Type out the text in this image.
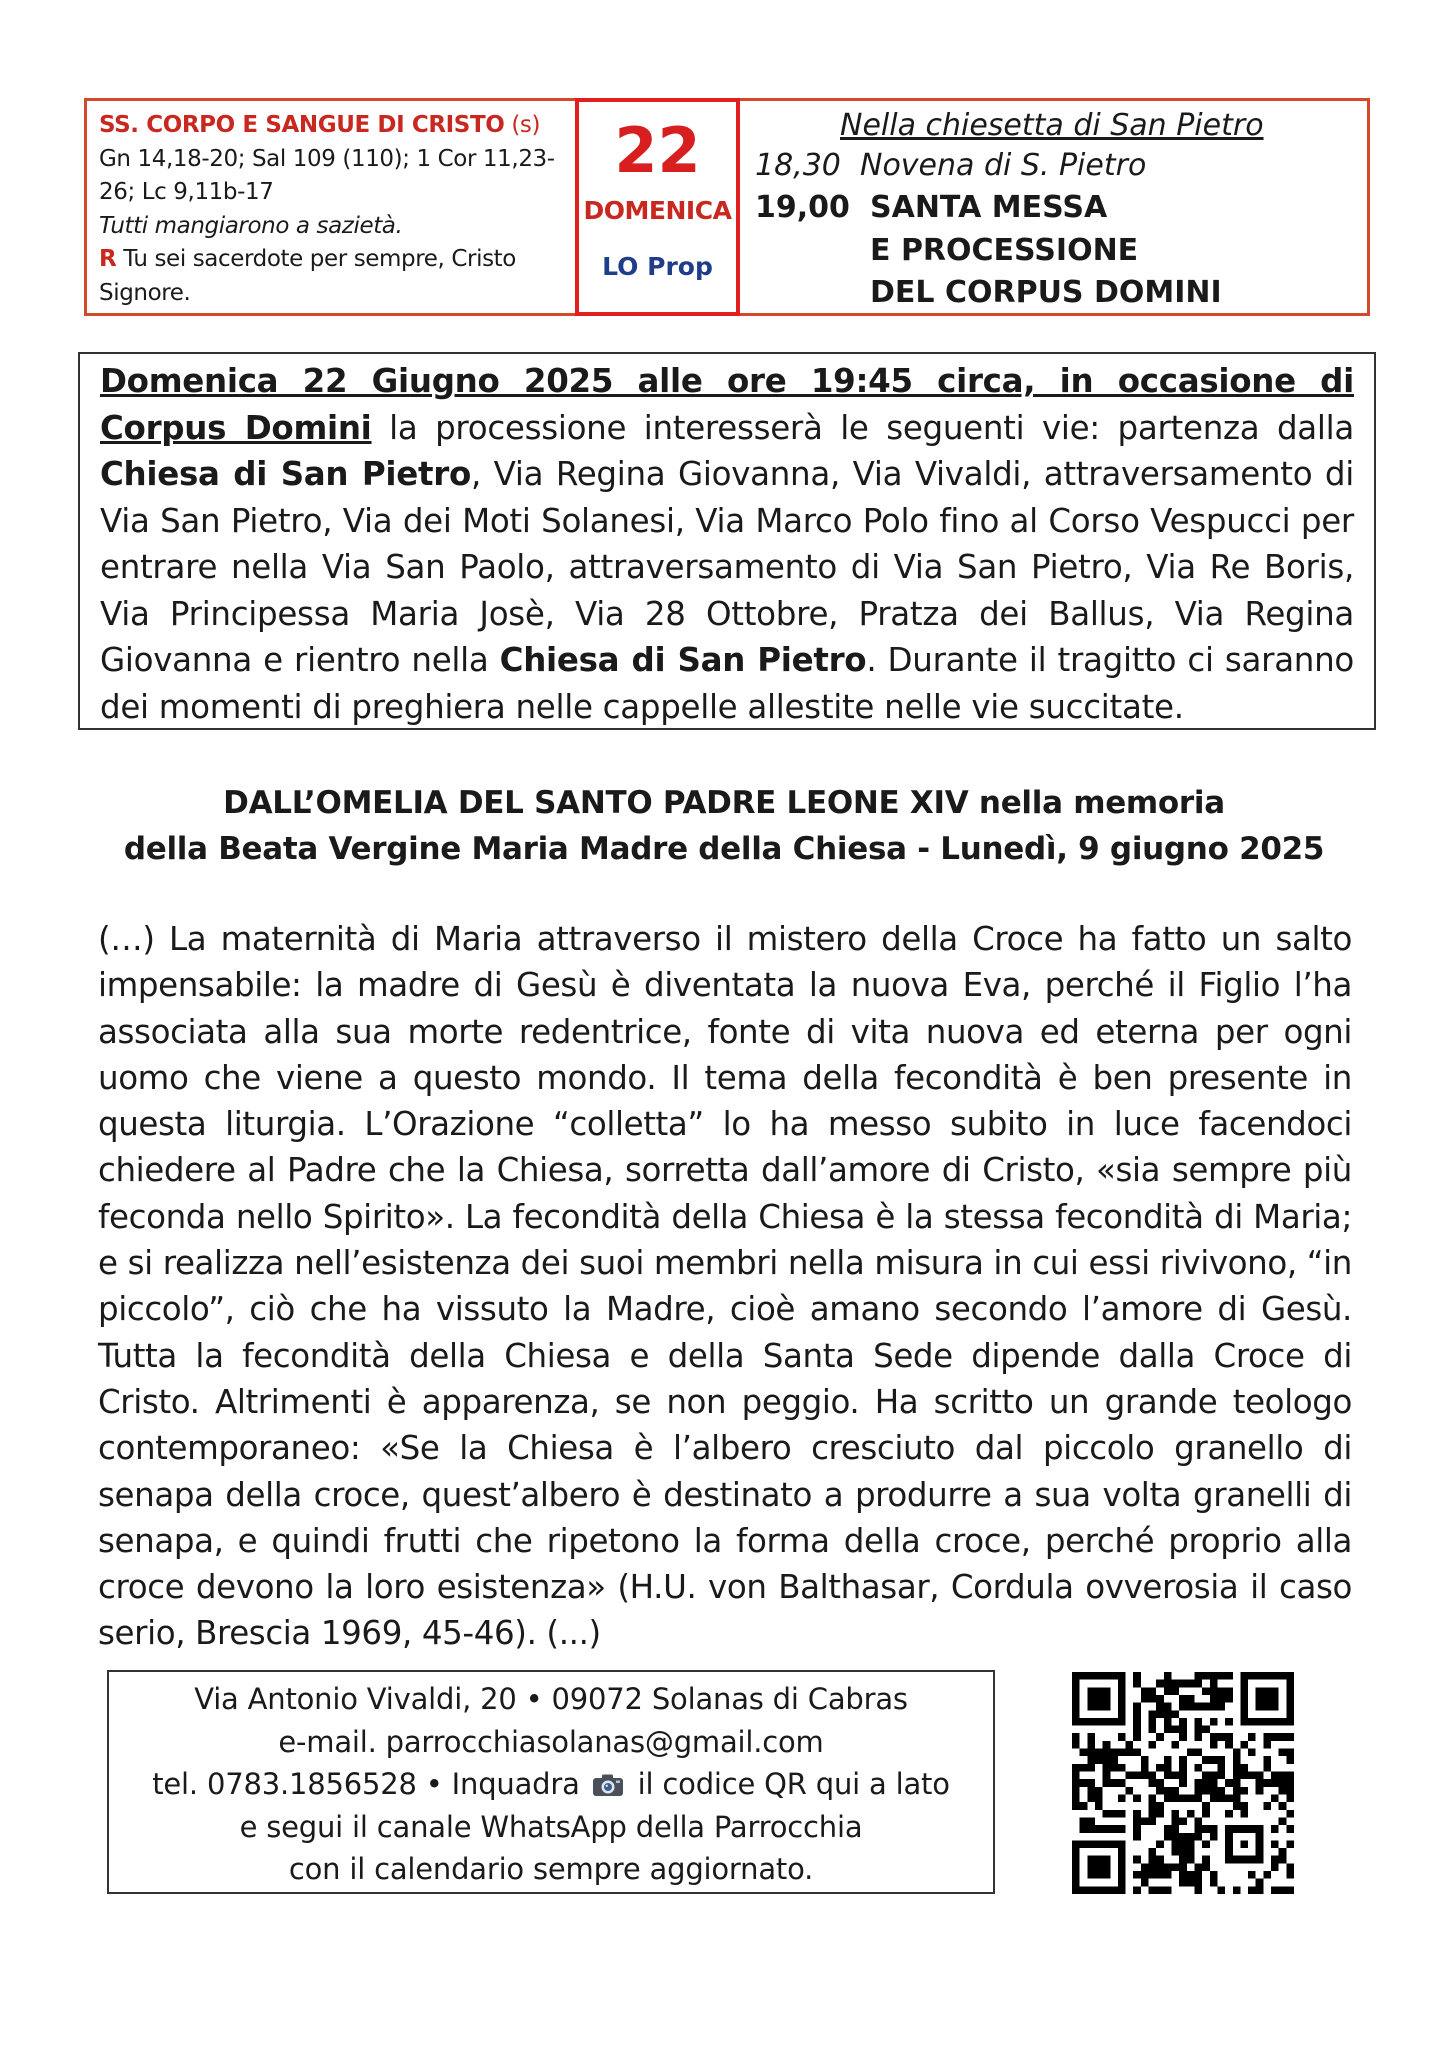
SS. CORPO E SANGUE DI CRISTO (s)
Gn 14,18-20; Sal 109 (110); 1 Cor 11,23-
26; Lc 9,11b-17
Tutti mangiarono a sazietà.
R Tu sei sacerdote per sempre, Cristo
Signore.
22
DOMENICA
LO Prop
Nella chiesetta di San Pietro
18,30 Novena di S. Pietro
19,00 SANTA MESSA
E PROCESSIONE
DEL CORPUS DOMINI
Domenica 22 Giugno 2025 alle ore 19:45 circa, in occasione di Corpus Domini la processione interesserà le seguenti vie: partenza dalla Chiesa di San Pietro, Via Regina Giovanna, Via Vivaldi, attraversamento di Via San Pietro, Via dei Moti Solanesi, Via Marco Polo fino al Corso Vespucci per entrare nella Via San Paolo, attraversamento di Via San Pietro, Via Re Boris, Via Principessa Maria Josè, Via 28 Ottobre, Pratza dei Ballus, Via Regina Giovanna e rientro nella Chiesa di San Pietro. Durante il tragitto ci saranno dei momenti di preghiera nelle cappelle allestite nelle vie succitate.
DALL’OMELIA DEL SANTO PADRE LEONE XIV nella memoria
della Beata Vergine Maria Madre della Chiesa - Lunedì, 9 giugno 2025
(…) La maternità di Maria attraverso il mistero della Croce ha fatto un salto impensabile: la madre di Gesù è diventata la nuova Eva, perché il Figlio l’ha associata alla sua morte redentrice, fonte di vita nuova ed eterna per ogni uomo che viene a questo mondo. Il tema della fecondità è ben presente in questa liturgia. L’Orazione “colletta” lo ha messo subito in luce facendoci chiedere al Padre che la Chiesa, sorretta dall’amore di Cristo, «sia sempre più feconda nello Spirito». La fecondità della Chiesa è la stessa fecondità di Maria; e si realizza nell’esistenza dei suoi membri nella misura in cui essi rivivono, “in piccolo”, ciò che ha vissuto la Madre, cioè amano secondo l’amore di Gesù. Tutta la fecondità della Chiesa e della Santa Sede dipende dalla Croce di Cristo. Altrimenti è apparenza, se non peggio. Ha scritto un grande teologo contemporaneo: «Se la Chiesa è l’albero cresciuto dal piccolo granello di senapa della croce, quest’albero è destinato a produrre a sua volta granelli di senapa, e quindi frutti che ripetono la forma della croce, perché proprio alla croce devono la loro esistenza» (H.U. von Balthasar, Cordula ovverosia il caso serio, Brescia 1969, 45-46). (...)
Via Antonio Vivaldi, 20 • 09072 Solanas di Cabras
e-mail. parrocchiasolanas@gmail.com
tel. 0783.1856528 • Inquadra il codice QR qui a lato
e segui il canale WhatsApp della Parrocchia
con il calendario sempre aggiornato.
